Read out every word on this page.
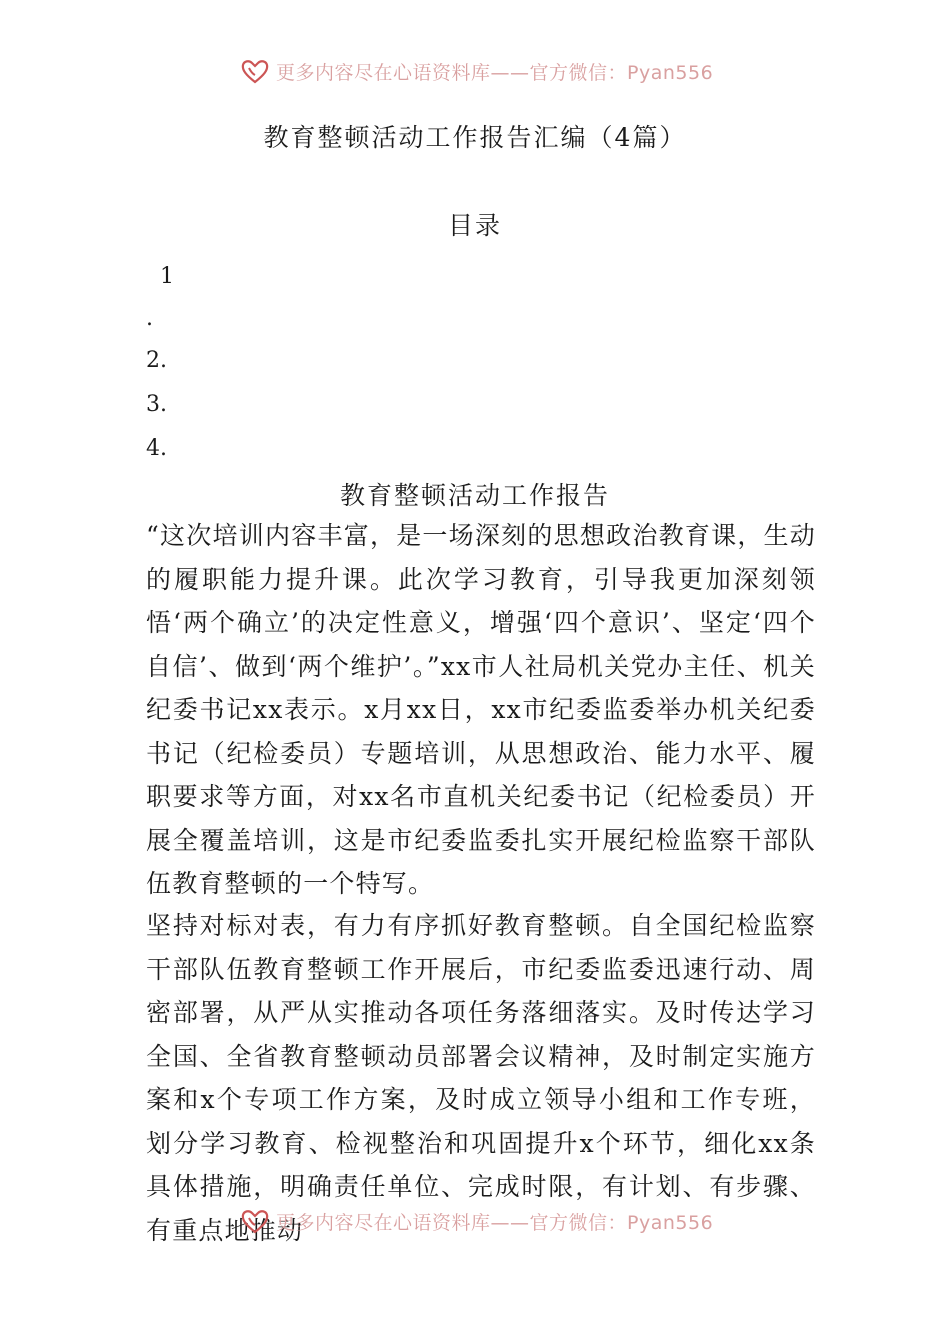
更多内容尽在心语资料库——官方微信：Pyan556
教育整顿活动工作报告汇编（4篇）
目录
1
.
2.
3.
4.
教育整顿活动工作报告
“这次培训内容丰富，是一场深刻的思想政治教育课，生动的履职能力提升课。此次学习教育，引导我更加深刻领悟‘两个确立’的决定性意义，增强‘四个意识’、坚定‘四个自信’、做到‘两个维护’。”xx市人社局机关党办主任、机关纪委书记xx表示。x月xx日，xx市纪委监委举办机关纪委书记（纪检委员）专题培训，从思想政治、能力水平、履职要求等方面，对xx名市直机关纪委书记（纪检委员）开展全覆盖培训，这是市纪委监委扎实开展纪检监察干部队伍教育整顿的一个特写。
坚持对标对表，有力有序抓好教育整顿。自全国纪检监察干部队伍教育整顿工作开展后，市纪委监委迅速行动、周密部署，从严从实推动各项任务落细落实。及时传达学习全国、全省教育整顿动员部署会议精神，及时制定实施方案和x个专项工作方案，及时成立领导小组和工作专班，划分学习教育、检视整治和巩固提升x个环节，细化xx条具体措施，明确责任单位、完成时限，有计划、有步骤、有重点地推动
更多内容尽在心语资料库——官方微信：Pyan556
